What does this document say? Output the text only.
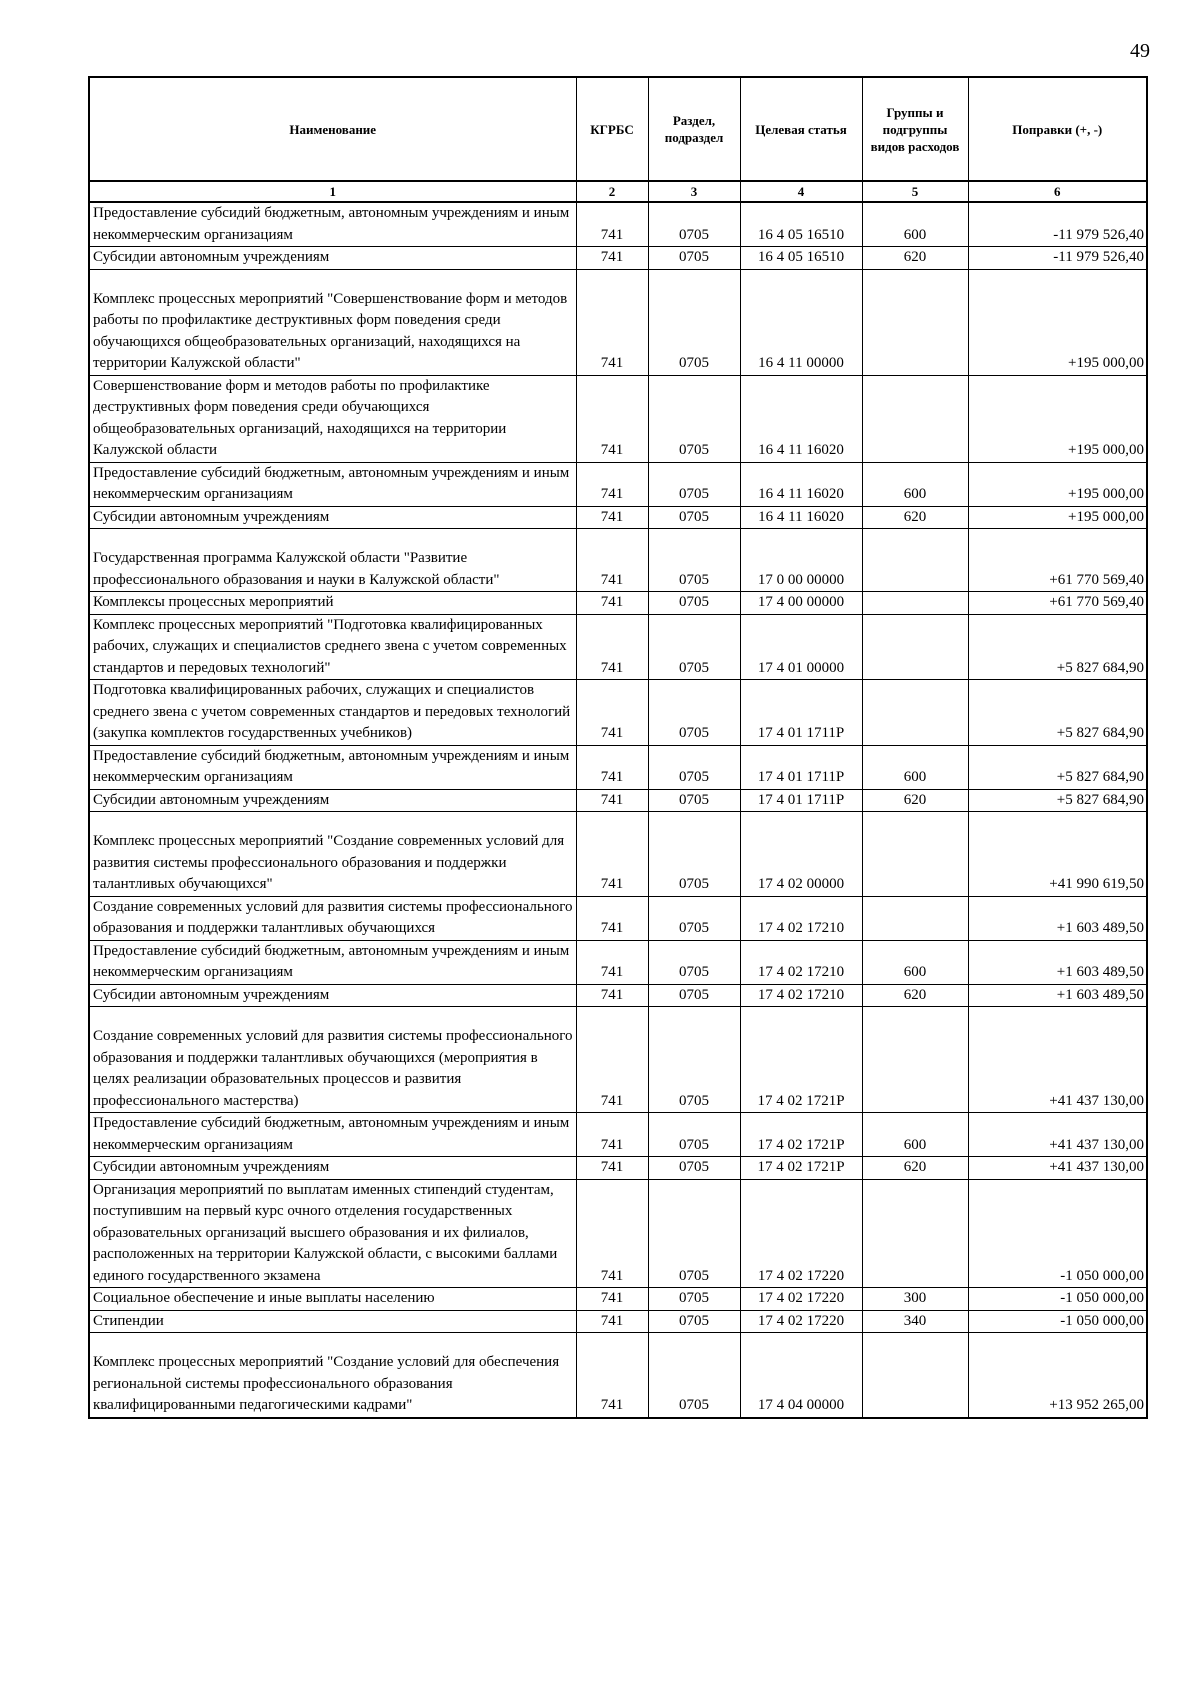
49
Наименование	КГРБС	Раздел, подраздел	Целевая статья	Группы и подгруппы видов расходов	Поправки (+, -)
1	2	3	4	5	6
Предоставление субсидий бюджетным, автономным учреждениям и иным некоммерческим организациям	741	0705	16 4 05 16510	600	-11 979 526,40
Субсидии автономным учреждениям	741	0705	16 4 05 16510	620	-11 979 526,40
Комплекс процессных мероприятий "Совершенствование форм и методов работы по профилактике деструктивных форм поведения среди обучающихся общеобразовательных организаций, находящихся на территории Калужской области"	741	0705	16 4 11 00000		+195 000,00
Совершенствование форм и методов работы по профилактике деструктивных форм поведения среди обучающихся общеобразовательных организаций, находящихся на территории Калужской области	741	0705	16 4 11 16020		+195 000,00
Предоставление субсидий бюджетным, автономным учреждениям и иным некоммерческим организациям	741	0705	16 4 11 16020	600	+195 000,00
Субсидии автономным учреждениям	741	0705	16 4 11 16020	620	+195 000,00
Государственная программа Калужской области "Развитие профессионального образования и науки в Калужской области"	741	0705	17 0 00 00000		+61 770 569,40
Комплексы процессных мероприятий	741	0705	17 4 00 00000		+61 770 569,40
Комплекс процессных мероприятий "Подготовка квалифицированных рабочих, служащих и специалистов среднего звена с учетом современных стандартов и передовых технологий"	741	0705	17 4 01 00000		+5 827 684,90
Подготовка квалифицированных рабочих, служащих и специалистов среднего звена с учетом современных стандартов и передовых технологий (закупка комплектов государственных учебников)	741	0705	17 4 01 1711Р		+5 827 684,90
Предоставление субсидий бюджетным, автономным учреждениям и иным некоммерческим организациям	741	0705	17 4 01 1711Р	600	+5 827 684,90
Субсидии автономным учреждениям	741	0705	17 4 01 1711Р	620	+5 827 684,90
Комплекс процессных мероприятий "Создание современных условий для развития системы профессионального образования и поддержки талантливых обучающихся"	741	0705	17 4 02 00000		+41 990 619,50
Создание современных условий для развития системы профессионального образования и поддержки талантливых обучающихся	741	0705	17 4 02 17210		+1 603 489,50
Предоставление субсидий бюджетным, автономным учреждениям и иным некоммерческим организациям	741	0705	17 4 02 17210	600	+1 603 489,50
Субсидии автономным учреждениям	741	0705	17 4 02 17210	620	+1 603 489,50
Создание современных условий для развития системы профессионального образования и поддержки талантливых обучающихся (мероприятия в целях реализации образовательных процессов и развития профессионального мастерства)	741	0705	17 4 02 1721Р		+41 437 130,00
Предоставление субсидий бюджетным, автономным учреждениям и иным некоммерческим организациям	741	0705	17 4 02 1721Р	600	+41 437 130,00
Субсидии автономным учреждениям	741	0705	17 4 02 1721Р	620	+41 437 130,00
Организация мероприятий по выплатам именных стипендий студентам, поступившим на первый курс очного отделения государственных образовательных организаций высшего образования и их филиалов, расположенных на территории Калужской области, с высокими баллами единого государственного экзамена	741	0705	17 4 02 17220		-1 050 000,00
Социальное обеспечение и иные выплаты населению	741	0705	17 4 02 17220	300	-1 050 000,00
Стипендии	741	0705	17 4 02 17220	340	-1 050 000,00
Комплекс процессных мероприятий "Создание условий для обеспечения региональной системы профессионального образования квалифицированными педагогическими кадрами"	741	0705	17 4 04 00000		+13 952 265,00
